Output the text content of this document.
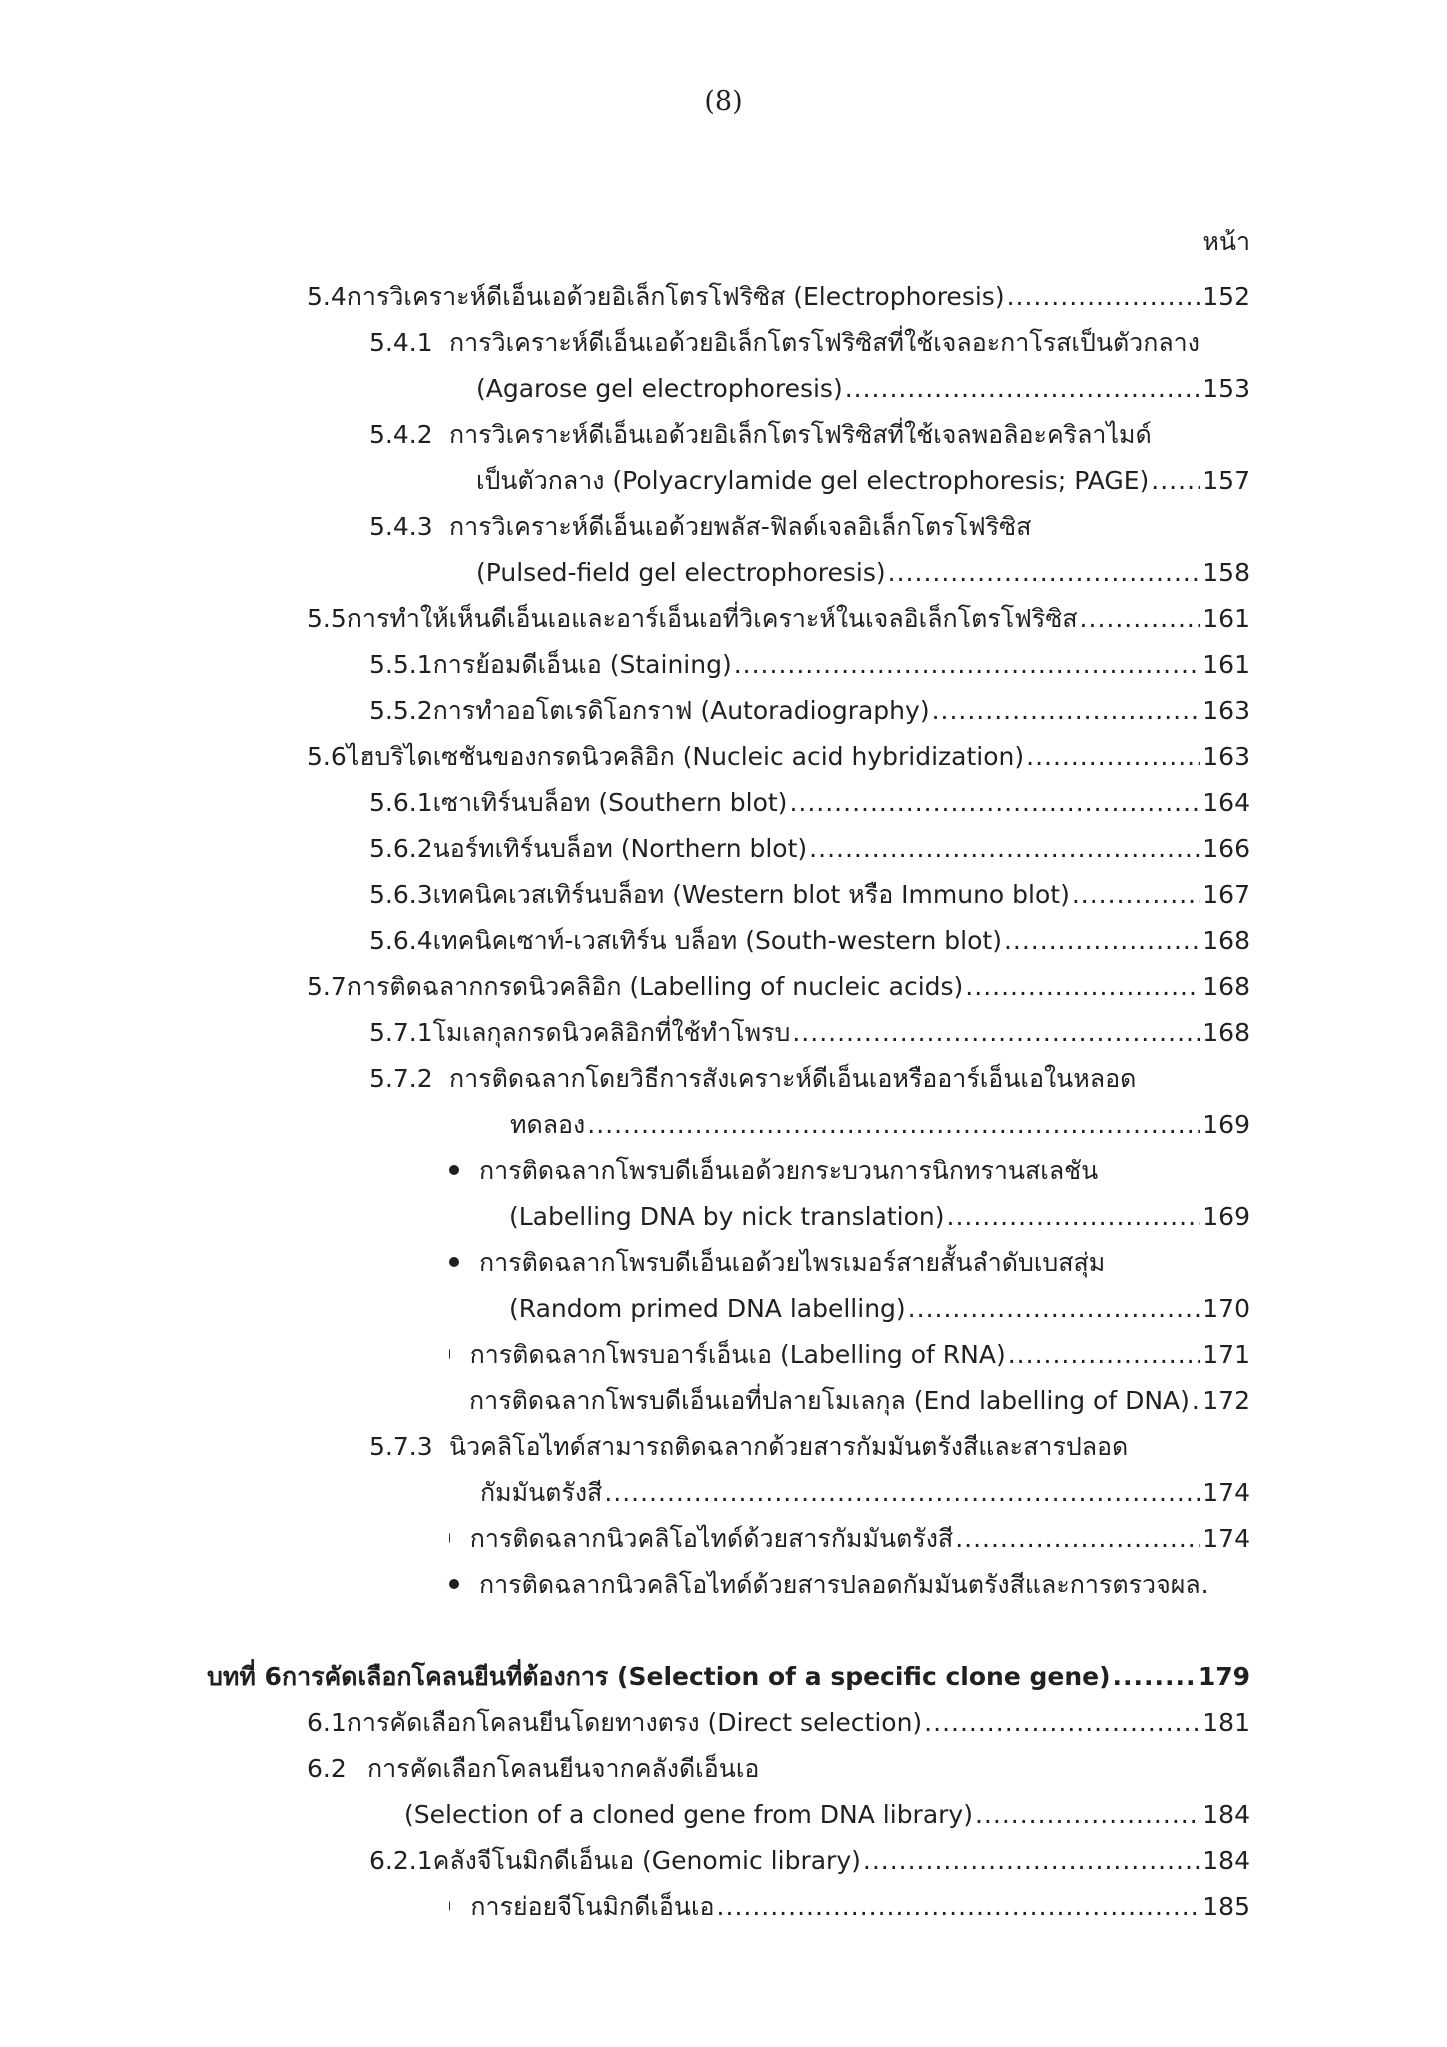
(8)
หน้า
5.4 การวิเคราะห์ดีเอ็นเอด้วยอิเล็กโตรโฟริซิส (Electrophoresis) .....	152
5.4.1 การวิเคราะห์ดีเอ็นเอด้วยอิเล็กโตรโฟริซิสที่ใช้เจลอะกาโรสเป็นตัวกลาง
(Agarose gel electrophoresis) .....	153
5.4.2 การวิเคราะห์ดีเอ็นเอด้วยอิเล็กโตรโฟริซิสที่ใช้เจลพอลิอะคริลาไมด์
เป็นตัวกลาง (Polyacrylamide gel electrophoresis; PAGE) ..... 157
5.4.3 การวิเคราะห์ดีเอ็นเอด้วยพลัส-ฟิลด์เจลอิเล็กโตรโฟริซิส
(Pulsed-field gel electrophoresis) .....	158
5.5 การทำให้เห็นดีเอ็นเอและอาร์เอ็นเอที่วิเคราะห์ในเจลอิเล็กโตรโฟริซิส .....	161
5.5.1 การย้อมดีเอ็นเอ (Staining) .....	161
5.5.2 การทำออโตเรดิโอกราฟ (Autoradiography) .....	163
5.6 ไฮบริไดเซชันของกรดนิวคลิอิก (Nucleic acid hybridization) .....	163
5.6.1 เซาเทิร์นบล็อท (Southern blot) .....	164
5.6.2 นอร์ทเทิร์นบล็อท (Northern blot) .....	166
5.6.3 เทคนิคเวสเทิร์นบล็อท (Western blot หรือ Immuno blot) .....	167
5.6.4 เทคนิคเซาท์-เวสเทิร์น บล็อท (South-western blot) .....	168
5.7 การติดฉลากกรดนิวคลิอิก (Labelling of nucleic acids) .....	168
5.7.1 โมเลกุลกรดนิวคลิอิกที่ใช้ทำโพรบ .....	168
5.7.2 การติดฉลากโดยวิธีการสังเคราะห์ดีเอ็นเอหรืออาร์เอ็นเอในหลอด
ทดลอง .....	169
การติดฉลากโพรบดีเอ็นเอด้วยกระบวนการนิกทรานสเลชัน
(Labelling DNA by nick translation) .....	169
การติดฉลากโพรบดีเอ็นเอด้วยไพรเมอร์สายสั้นลำดับเบสสุ่ม
(Random primed DNA labelling) .....	170
การติดฉลากโพรบอาร์เอ็นเอ (Labelling of RNA) .....	171
การติดฉลากโพรบดีเอ็นเอที่ปลายโมเลกุล (End labelling of DNA) ..... 172
5.7.3 นิวคลิโอไทด์สามารถติดฉลากด้วยสารกัมมันตรังสีและสารปลอด
กัมมันตรังสี .....	174
การติดฉลากนิวคลิโอไทด์ด้วยสารกัมมันตรังสี .....	174
การติดฉลากนิวคลิโอไทด์ด้วยสารปลอดกัมมันตรังสีและการตรวจผล.
บทที่ 6 การคัดเลือกโคลนยีนที่ต้องการ (Selection of a specific clone gene) .....	179
6.1 การคัดเลือกโคลนยีนโดยทางตรง (Direct selection) .....	181
6.2 การคัดเลือกโคลนยีนจากคลังดีเอ็นเอ
(Selection of a cloned gene from DNA library) .....	184
6.2.1 คลังจีโนมิกดีเอ็นเอ (Genomic library) .....	184
การย่อยจีโนมิกดีเอ็นเอ .....	185
